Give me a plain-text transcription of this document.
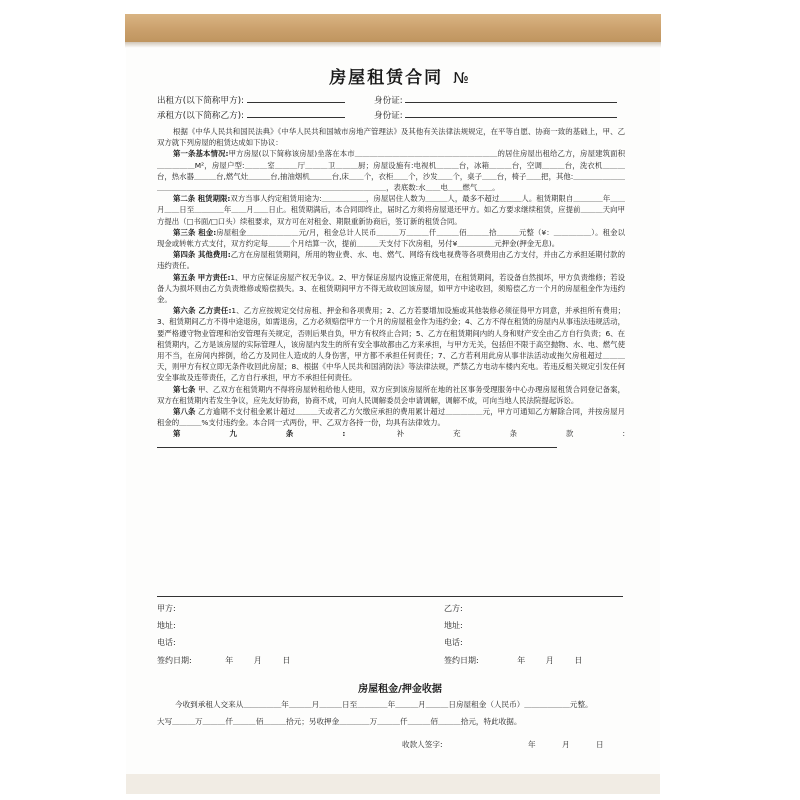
房屋租赁合同 №
出租方(以下简称甲方):	身份证:
承租方(以下简称乙方):	身份证:

根据《中华人民共和国民法典》《中华人民共和国城市房地产管理法》及其他有关法律法规规定，在平等自愿、协商一致的基础上，甲、乙双方就下列房屋的租赁达成如下协议：

第一条基本情况:甲方房屋(以下简称该房屋)坐落在本市＿＿＿＿＿＿＿＿＿＿＿＿＿＿＿＿＿＿＿的居住房屋出租给乙方，房屋建筑面积＿＿＿＿＿M²，房屋户型:＿＿＿室＿＿＿厅＿＿＿卫＿＿＿厨；房屋设施有:电视机＿＿＿台，冰箱＿＿＿台，空调＿＿＿台，洗衣机＿＿＿台，热水器＿＿＿台,燃气灶＿＿＿台,抽油烟机＿＿＿台,床＿＿个，衣柜＿＿个，沙发＿＿个，桌子＿＿台，椅子＿＿把，其他:＿＿＿＿＿＿＿＿＿＿＿＿＿＿＿＿＿＿＿＿＿＿＿＿＿＿＿＿＿＿＿＿＿＿＿＿＿＿，表底数:水＿＿电＿＿燃气＿＿。

第二条 租赁期限:双方当事人约定租赁用途为:＿＿＿＿＿＿，房屋居住人数为＿＿＿人，最多不超过＿＿＿人。租赁期限自＿＿＿＿年＿＿月＿＿日至＿＿＿＿年＿＿月＿＿日止。租赁期满后，本合同即终止，届时乙方须将房屋退还甲方。如乙方要求继续租赁，应提前＿＿＿天向甲方提出（□书面/□口头）续租要求，双方可在对租金、期限重新协商后，签订新的租赁合同。

第三条 租金:房屋租金＿＿＿＿＿＿＿元/月，租金总计人民币＿＿＿万＿＿＿仟＿＿＿佰＿＿＿拾＿＿＿元整（¥：＿＿＿＿＿）。租金以现金或转帐方式支付，双方约定每＿＿＿个月结算一次，提前＿＿＿天支付下次房租，另付¥＿＿＿＿＿元押金(押金无息)。

第四条 其他费用:乙方在房屋租赁期间，所用的物业费、水、电、燃气、网络有线电视费等各项费用由乙方支付，并由乙方承担延期付款的违约责任。

第五条 甲方责任:1、甲方应保证房屋产权无争议。2、甲方保证房屋内设施正常使用，在租赁期间，若设备自然损坏，甲方负责维修；若设备人为损坏则由乙方负责维修或赔偿损失。3、在租赁期间甲方不得无故收回该房屋，如甲方中途收回，须赔偿乙方一个月的房屋租金作为违约金。

第六条 乙方责任:1、乙方应按规定交付房租、押金和各项费用；2、乙方若要增加设施或其他装修必须征得甲方同意，并承担所有费用；3、租赁期间乙方不得中途退房，如需退房，乙方必须赔偿甲方一个月的房屋租金作为违约金；4、乙方不得在租赁的房屋内从事违法违规活动，要严格遵守物业管理和治安管理有关规定，否则后果自负，甲方有权终止合同；5、乙方在租赁期间内的人身和财产安全由乙方自行负责；6、在租赁期内，乙方是该房屋的实际管理人，该房屋内发生的所有安全事故都由乙方来承担，与甲方无关，包括但不限于高空抛物、水、电、燃气使用不当，在房间内摔倒，给乙方及同住人造成的人身伤害，甲方都不承担任何责任；7、乙方若利用此房从事非法活动或拖欠房租超过＿＿＿天，则甲方有权立即无条件收回此房屋；8、根据《中华人民共和国消防法》等法律法规，严禁乙方电动车楼内充电。若违反相关规定引发任何安全事故及连带责任，乙方自行承担，甲方不承担任何责任。

第七条 甲、乙双方在租赁期内不得将房屋转租给他人使用，双方应到该房屋所在地的社区事务受理服务中心办理房屋租赁合同登记备案，双方在租赁期内若发生争议，应先友好协商，协商不成，可向人民调解委员会申请调解，调解不成，可向当地人民法院提起诉讼。

第八条 乙方逾期不支付租金累计超过＿＿＿天或者乙方欠缴应承担的费用累计超过＿＿＿＿＿元，甲方可通知乙方解除合同，并按房屋月租金的＿＿＿%支付违约金。本合同一式两份，甲、乙双方各持一份，均具有法律效力。

第九条:	补充条款:

甲方:	乙方:
地址:	地址:
电话:	电话:
签约日期:	年	月	日	签约日期:	年	月	日
房屋租金/押金收据
今收到承租人交来从＿＿＿＿＿年＿＿＿月＿＿＿日至＿＿＿＿年＿＿＿月＿＿＿日房屋租金（人民币）＿＿＿＿＿＿元整。
大写＿＿＿万＿＿＿仟＿＿＿佰＿＿＿拾元；另收押金＿＿＿＿万＿＿＿仟＿＿＿佰＿＿＿拾元，特此收据。
收款人签字:	年	月	日
